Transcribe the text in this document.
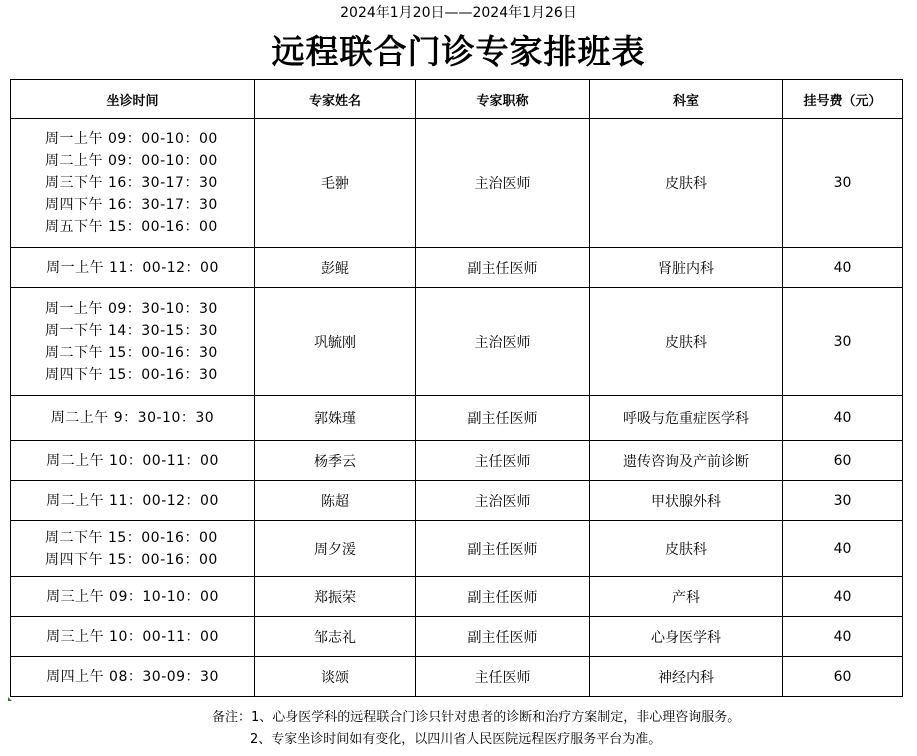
2024年1月20日——2024年1月26日
远程联合门诊专家排班表
坐诊时间	专家姓名	专家职称	科室	挂号费（元）

周一上午 09：00-10：00
周二上午 09：00-10：00
周三下午 16：30-17：30
周四下午 16：30-17：30
周五下午 15：00-16：00	毛翀	主治医师	皮肤科	30

周一上午 11：00-12：00	彭鲲	副主任医师	肾脏内科	40

周一上午 09：30-10：30
周一下午 14：30-15：30
周二下午 15：00-16：30
周四下午 15：00-16：30	巩毓刚	主治医师	皮肤科	30

周二上午 9：30-10：30	郭姝瑾	副主任医师	呼吸与危重症医学科	40

周二上午 10：00-11：00	杨季云	主任医师	遗传咨询及产前诊断	60

周二上午 11：00-12：00	陈超	主治医师	甲状腺外科	30

周二下午 15：00-16：00
周四下午 15：00-16：00	周夕湲	副主任医师	皮肤科	40

周三上午 09：10-10：00	郑振荣	副主任医师	产科	40

周三上午 10：00-11：00	邹志礼	副主任医师	心身医学科	40

周四上午 08：30-09：30	谈颂	主任医师	神经内科	60
备注：1、心身医学科的远程联合门诊只针对患者的诊断和治疗方案制定，非心理咨询服务。
2、专家坐诊时间如有变化，以四川省人民医院远程医疗服务平台为准。
